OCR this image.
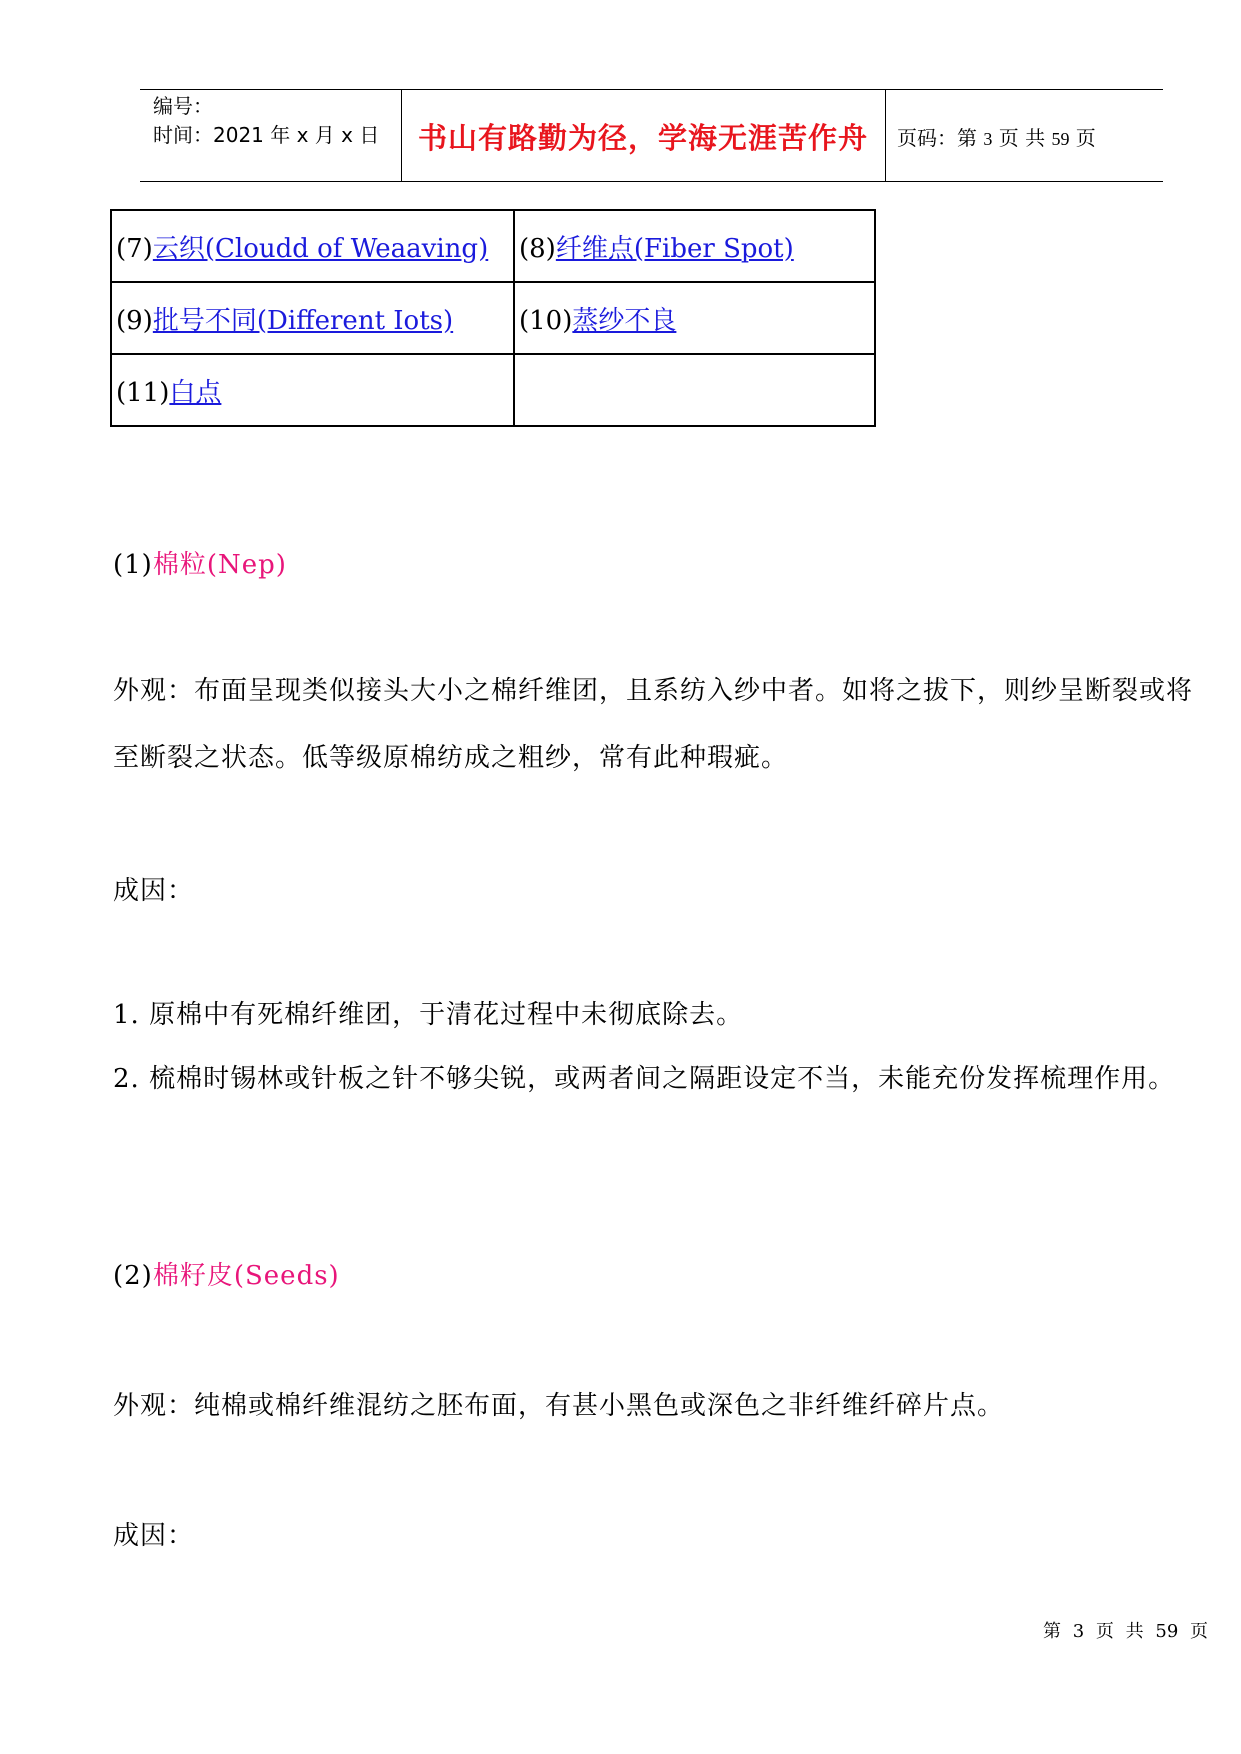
编号：
时间：2021 年 x 月 x 日	书山有路勤为径，学海无涯苦作舟	页码：第 3 页 共 59 页
(7)云织(Cloudd of Weaaving)	(8)纤维点(Fiber Spot)
(9)批号不同(Different Iots)	(10)蒸纱不良
(11)白点	
(1)棉粒(Nep)
外观：布面呈现类似接头大小之棉纤维团，且系纺入纱中者。如将之拔下，则纱呈断裂或将至断裂之状态。低等级原棉纺成之粗纱，常有此种瑕疵。
成因：
1. 原棉中有死棉纤维团，于清花过程中未彻底除去。
2. 梳棉时锡林或针板之针不够尖锐，或两者间之隔距设定不当，未能充份发挥梳理作用。
(2)棉籽皮(Seeds)
外观：纯棉或棉纤维混纺之胚布面，有甚小黑色或深色之非纤维纤碎片点。
成因：
第 3 页 共 59 页
